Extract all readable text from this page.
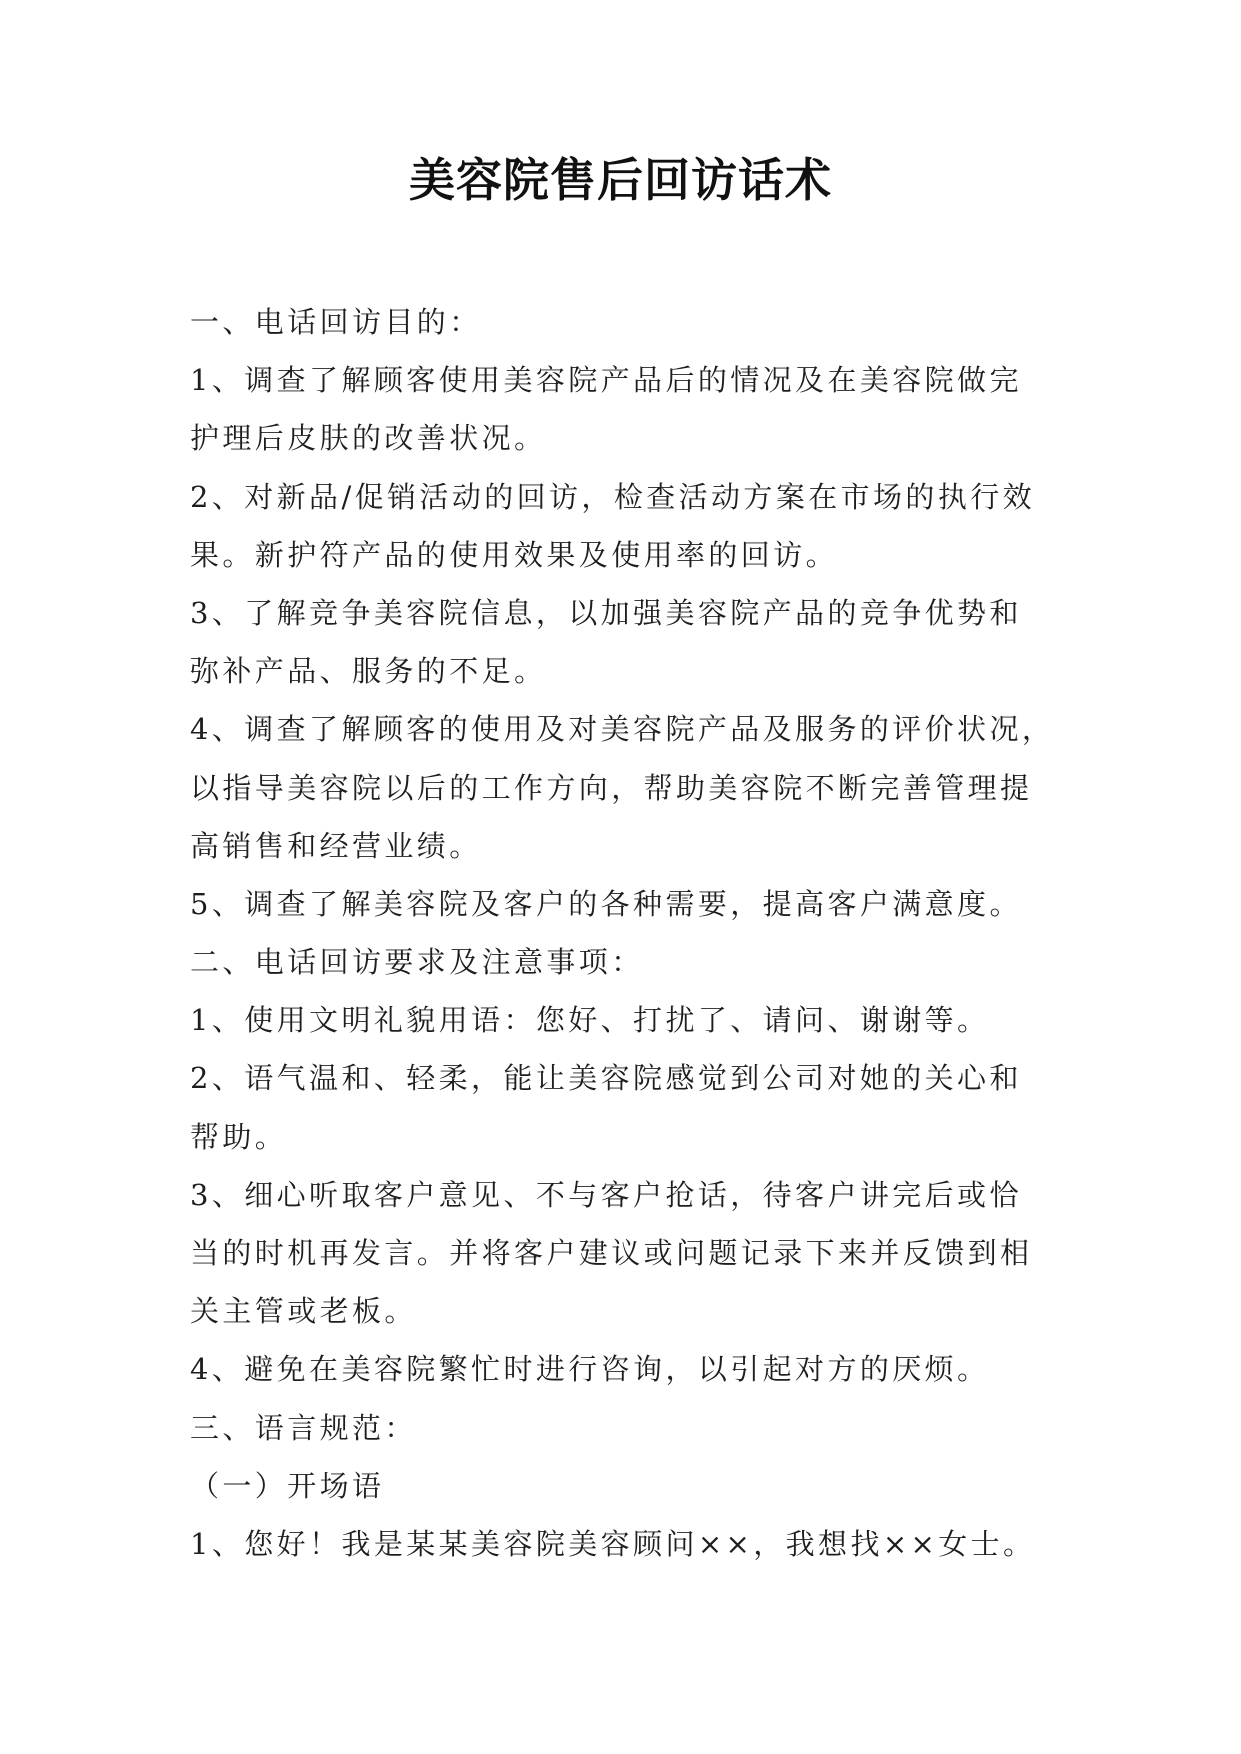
美容院售后回访话术
一、电话回访目的：
1、调查了解顾客使用美容院产品后的情况及在美容院做完
护理后皮肤的改善状况。
2、对新品/促销活动的回访，检查活动方案在市场的执行效
果。新护符产品的使用效果及使用率的回访。
3、了解竞争美容院信息，以加强美容院产品的竞争优势和
弥补产品、服务的不足。
4、调查了解顾客的使用及对美容院产品及服务的评价状况，
以指导美容院以后的工作方向，帮助美容院不断完善管理提
高销售和经营业绩。
5、调查了解美容院及客户的各种需要，提高客户满意度。
二、电话回访要求及注意事项：
1、使用文明礼貌用语：您好、打扰了、请问、谢谢等。
2、语气温和、轻柔，能让美容院感觉到公司对她的关心和
帮助。
3、细心听取客户意见、不与客户抢话，待客户讲完后或恰
当的时机再发言。并将客户建议或问题记录下来并反馈到相
关主管或老板。
4、避免在美容院繁忙时进行咨询，以引起对方的厌烦。
三、语言规范：
（一）开场语
1、您好！我是某某美容院美容顾问××，我想找××女士。
